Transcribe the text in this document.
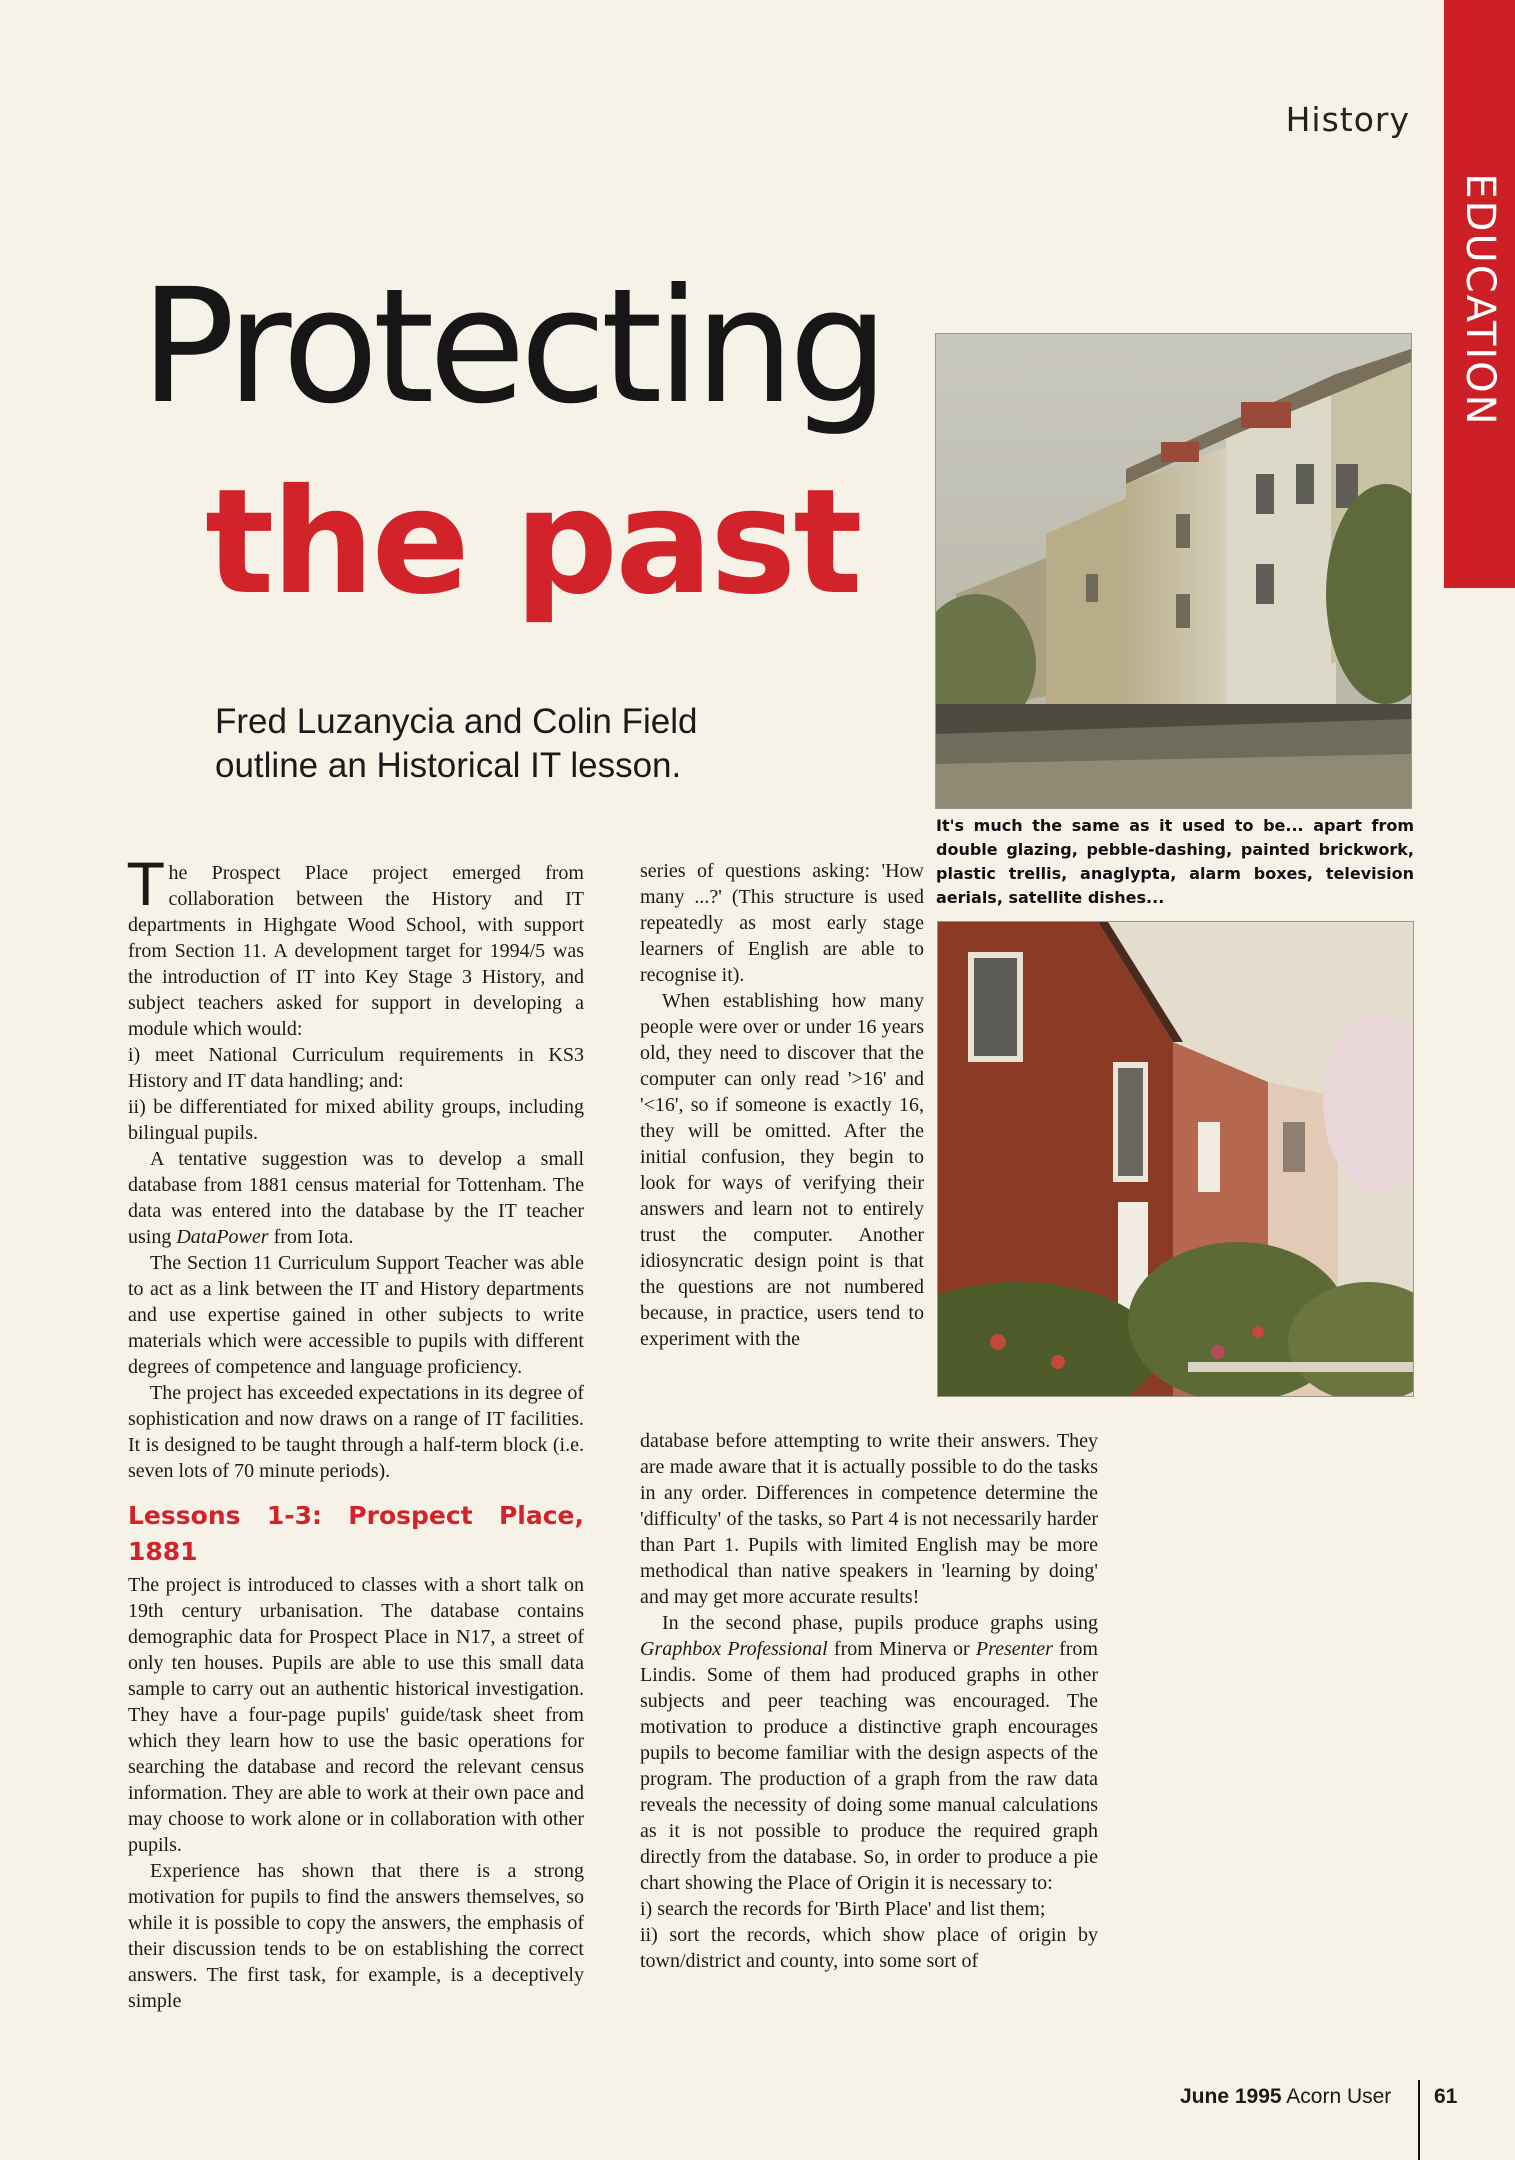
History
EDUCATION
Protecting
the past
Fred Luzanycia and Colin Field outline an Historical IT lesson.
It's much the same as it used to be... apart from double glazing, pebble-dashing, painted brickwork, plastic trellis, anaglypta, alarm boxes, television aerials, satellite dishes...

The Prospect Place project emerged from collaboration between the History and IT departments in Highgate Wood School, with support from Section 11. A development target for 1994/5 was the introduction of IT into Key Stage 3 History, and subject teachers asked for support in developing a module which would:

i) meet National Curriculum requirements in KS3 History and IT data handling; and:

ii) be differentiated for mixed ability groups, including bilingual pupils.

A tentative suggestion was to develop a small database from 1881 census material for Tottenham. The data was entered into the database by the IT teacher using DataPower from Iota.

The Section 11 Curriculum Support Teacher was able to act as a link between the IT and History departments and use expertise gained in other subjects to write materials which were accessible to pupils with different degrees of competence and language proficiency.

The project has exceeded expectations in its degree of sophistication and now draws on a range of IT facilities. It is designed to be taught through a half-term block (i.e. seven lots of 70 minute periods).

Lessons 1-3: Prospect Place, 1881

The project is introduced to classes with a short talk on 19th century urbanisation. The database contains demographic data for Prospect Place in N17, a street of only ten houses. Pupils are able to use this small data sample to carry out an authentic historical investigation. They have a four-page pupils' guide/task sheet from which they learn how to use the basic operations for searching the database and record the relevant census information. They are able to work at their own pace and may choose to work alone or in collaboration with other pupils.

Experience has shown that there is a strong motivation for pupils to find the answers themselves, so while it is possible to copy the answers, the emphasis of their discussion tends to be on establishing the correct answers. The first task, for example, is a deceptively simple

series of questions asking: 'How many ...?' (This structure is used repeatedly as most early stage learners of English are able to recognise it).

When establishing how many people were over or under 16 years old, they need to discover that the computer can only read '>16' and '<16', so if someone is exactly 16, they will be omitted. After the initial confusion, they begin to look for ways of verifying their answers and learn not to entirely trust the computer. Another idiosyncratic design point is that the questions are not numbered because, in practice, users tend to experiment with the

database before attempting to write their answers. They are made aware that it is actually possible to do the tasks in any order. Differences in competence determine the 'difficulty' of the tasks, so Part 4 is not necessarily harder than Part 1. Pupils with limited English may be more methodical than native speakers in 'learning by doing' and may get more accurate results!

In the second phase, pupils produce graphs using Graphbox Professional from Minerva or Presenter from Lindis. Some of them had produced graphs in other subjects and peer teaching was encouraged. The motivation to produce a distinctive graph encourages pupils to become familiar with the design aspects of the program. The production of a graph from the raw data reveals the necessity of doing some manual calculations as it is not possible to produce the required graph directly from the database. So, in order to produce a pie chart showing the Place of Origin it is necessary to:

i) search the records for 'Birth Place' and list them;

ii) sort the records, which show place of origin by town/district and county, into some sort of

June 1995 Acorn User	61
